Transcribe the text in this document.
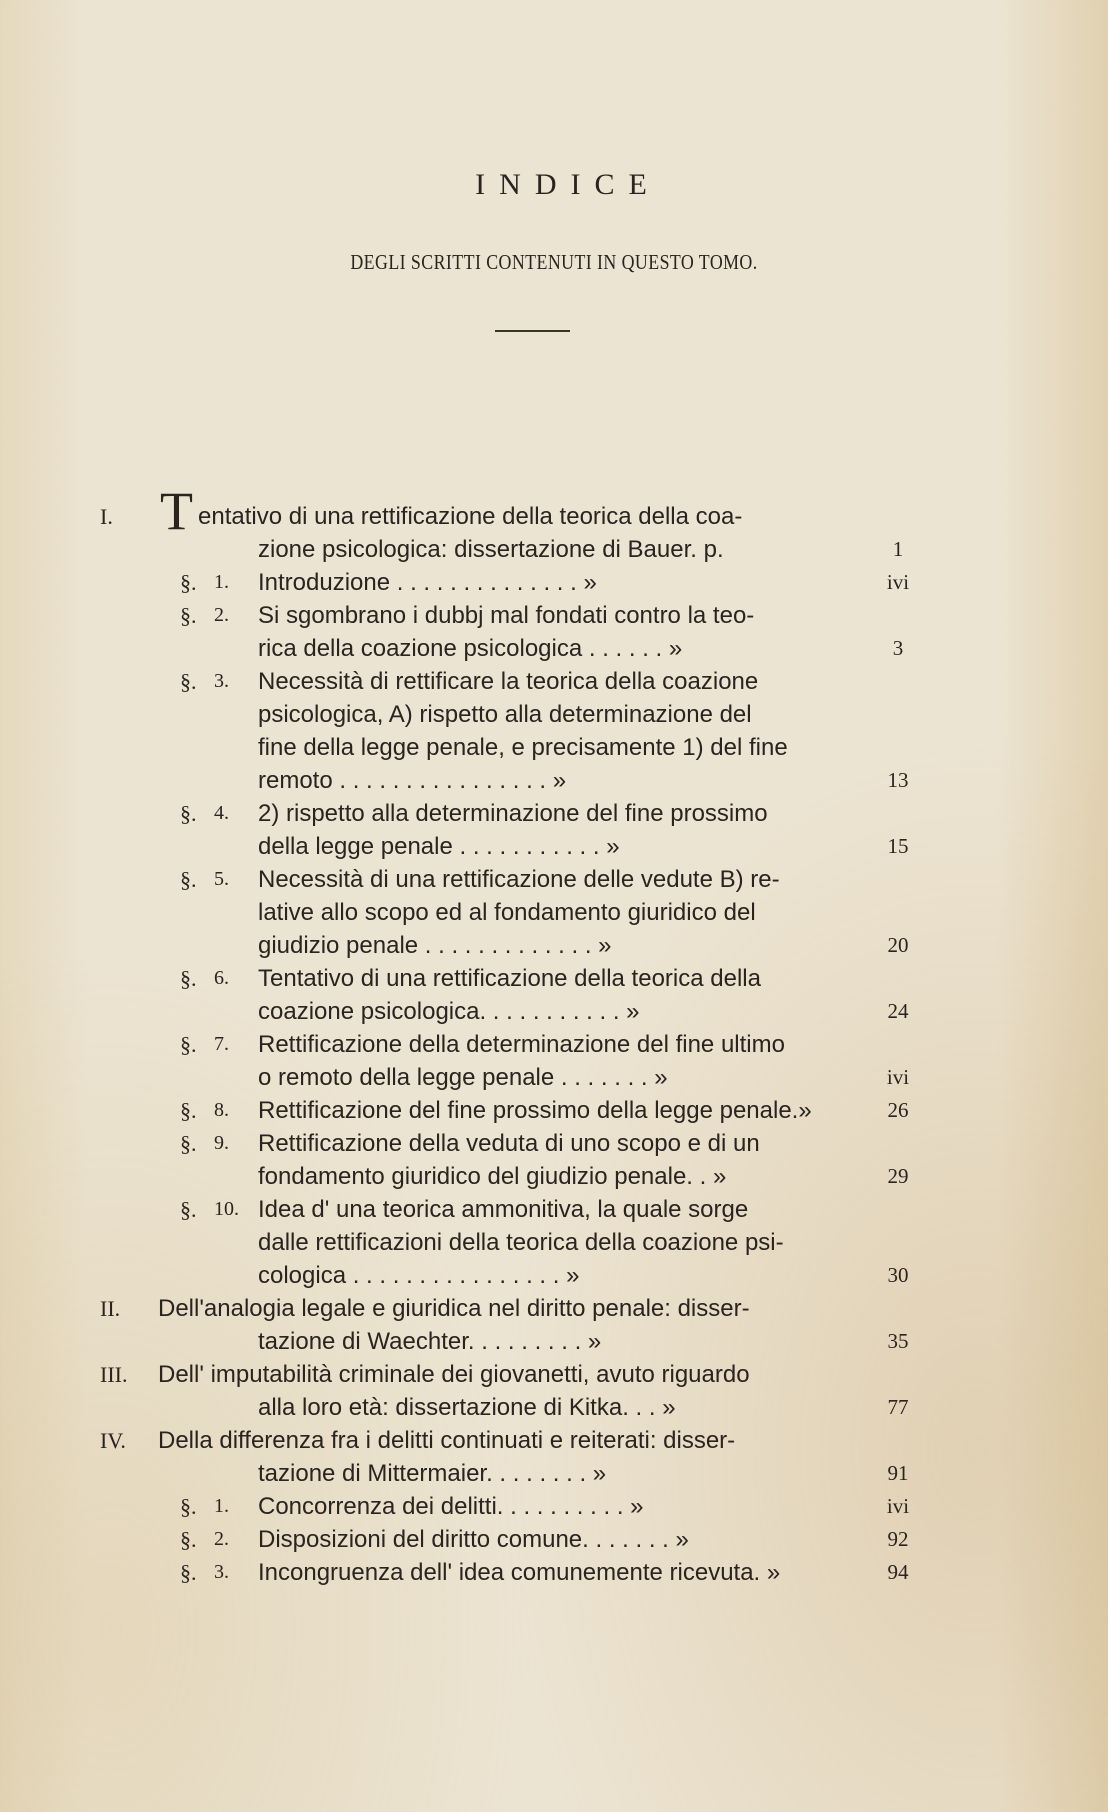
INDICE
DEGLI SCRITTI CONTENUTI IN QUESTO TOMO.
I. T entativo di una rettificazione della teorica della coa-
zione psicologica: dissertazione di Bauer. p.	1
§. 1. Introduzione . . . . . . . . . . . . . . »	ivi
§. 2. Si sgombrano i dubbj mal fondati contro la teo-
rica della coazione psicologica . . . . . . »	3
§. 3. Necessità di rettificare la teorica della coazione
psicologica, A) rispetto alla determinazione del
fine della legge penale, e precisamente 1) del fine
remoto . . . . . . . . . . . . . . . . »	13
§. 4. 2) rispetto alla determinazione del fine prossimo
della legge penale . . . . . . . . . . . »	15
§. 5. Necessità di una rettificazione delle vedute B) re-
lative allo scopo ed al fondamento giuridico del
giudizio penale . . . . . . . . . . . . . »	20
§. 6. Tentativo di una rettificazione della teorica della
coazione psicologica. . . . . . . . . . . »	24
§. 7. Rettificazione della determinazione del fine ultimo
o remoto della legge penale . . . . . . . »	ivi
§. 8. Rettificazione del fine prossimo della legge penale.»	26
§. 9. Rettificazione della veduta di uno scopo e di un
fondamento giuridico del giudizio penale. . »	29
§. 10. Idea d' una teorica ammonitiva, la quale sorge
dalle rettificazioni della teorica della coazione psi-
cologica . . . . . . . . . . . . . . . . »	30
II. Dell'analogia legale e giuridica nel diritto penale: disser-
tazione di Waechter. . . . . . . . . »	35
III. Dell' imputabilità criminale dei giovanetti, avuto riguardo
alla loro età: dissertazione di Kitka. . . »	77
IV. Della differenza fra i delitti continuati e reiterati: disser-
tazione di Mittermaier. . . . . . . . »	91
§. 1. Concorrenza dei delitti. . . . . . . . . . »	ivi
§. 2. Disposizioni del diritto comune. . . . . . . »	92
§. 3. Incongruenza dell' idea comunemente ricevuta. »	94
